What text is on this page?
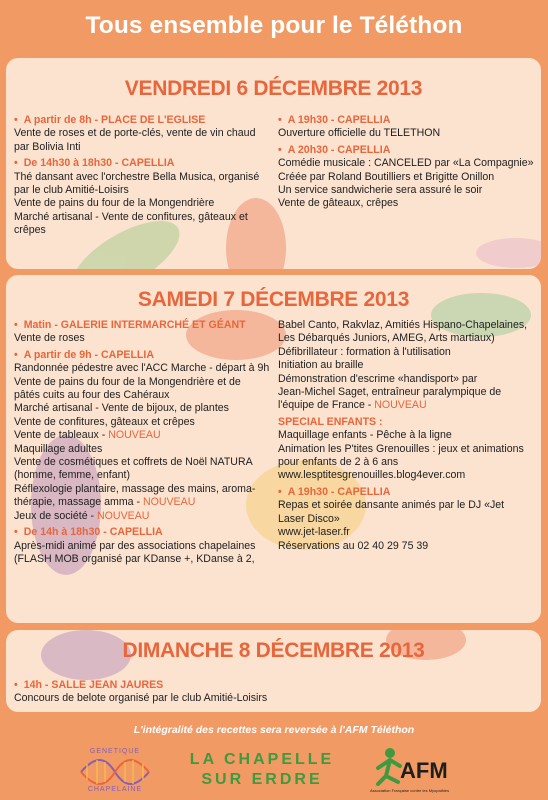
Tous ensemble pour le Téléthon
VENDREDI 6 DÉCEMBRE 2013
• A partir de 8h - PLACE DE L'EGLISE
Vente de roses et de porte-clés, vente de vin chaud
par Bolivia Inti
• De 14h30 à 18h30 - CAPELLIA
Thé dansant avec l'orchestre Bella Musica, organisé
par le club Amitié-Loisirs
Vente de pains du four de la Mongendrière
Marché artisanal - Vente de confitures, gâteaux et
crêpes
• A 19h30 - CAPELLIA
Ouverture officielle du TELETHON
• A 20h30 - CAPELLIA
Comédie musicale : CANCELED par «La Compagnie»
Créée par Roland Boutilliers et Brigitte Onillon
Un service sandwicherie sera assuré le soir
Vente de gâteaux, crêpes
SAMEDI 7 DÉCEMBRE 2013
• Matin - GALERIE INTERMARCHÉ ET GÉANT
Vente de roses
• A partir de 9h - CAPELLIA
Randonnée pédestre avec l'ACC Marche - départ à 9h
Vente de pains du four de la Mongendrière et de
pâtés cuits au four des Cahéraux
Marché artisanal - Vente de bijoux, de plantes
Vente de confitures, gâteaux et crêpes
Vente de tableaux - NOUVEAU
Maquillage adultes
Vente de cosmétiques et coffrets de Noël NATURA
(homme, femme, enfant)
Réflexologie plantaire, massage des mains, aroma-
thérapie, massage amma - NOUVEAU
Jeux de société - NOUVEAU
• De 14h à 18h30 - CAPELLIA
Après-midi animé par des associations chapelaines
(FLASH MOB organisé par KDanse +, KDanse à 2,
Babel Canto, Rakvlaz, Amitiés Hispano-Chapelaines,
Les Débarqués Juniors, AMEG, Arts martiaux)
Défibrillateur : formation à l'utilisation
Initiation au braille
Démonstration d'escrime «handisport» par
Jean-Michel Saget, entraîneur paralympique de
l'équipe de France - NOUVEAU
SPECIAL ENFANTS :
Maquillage enfants - Pêche à la ligne
Animation les P'tites Grenouilles : jeux et animations
pour enfants de 2 à 6 ans
www.lesptitesgrenouilles.blog4ever.com
• A 19h30 - CAPELLIA
Repas et soirée dansante animés par le DJ «Jet
Laser Disco»
www.jet-laser.fr
Réservations au 02 40 29 75 39
DIMANCHE 8 DÉCEMBRE 2013
• 14h - SALLE JEAN JAURES
Concours de belote organisé par le club Amitié-Loisirs
L'intégralité des recettes sera reversée à l'AFM Téléthon
GENETIQUE
CHAPELAINE
LA CHAPELLE
SUR ERDRE	AFM
Association Française contre les Myopathies
